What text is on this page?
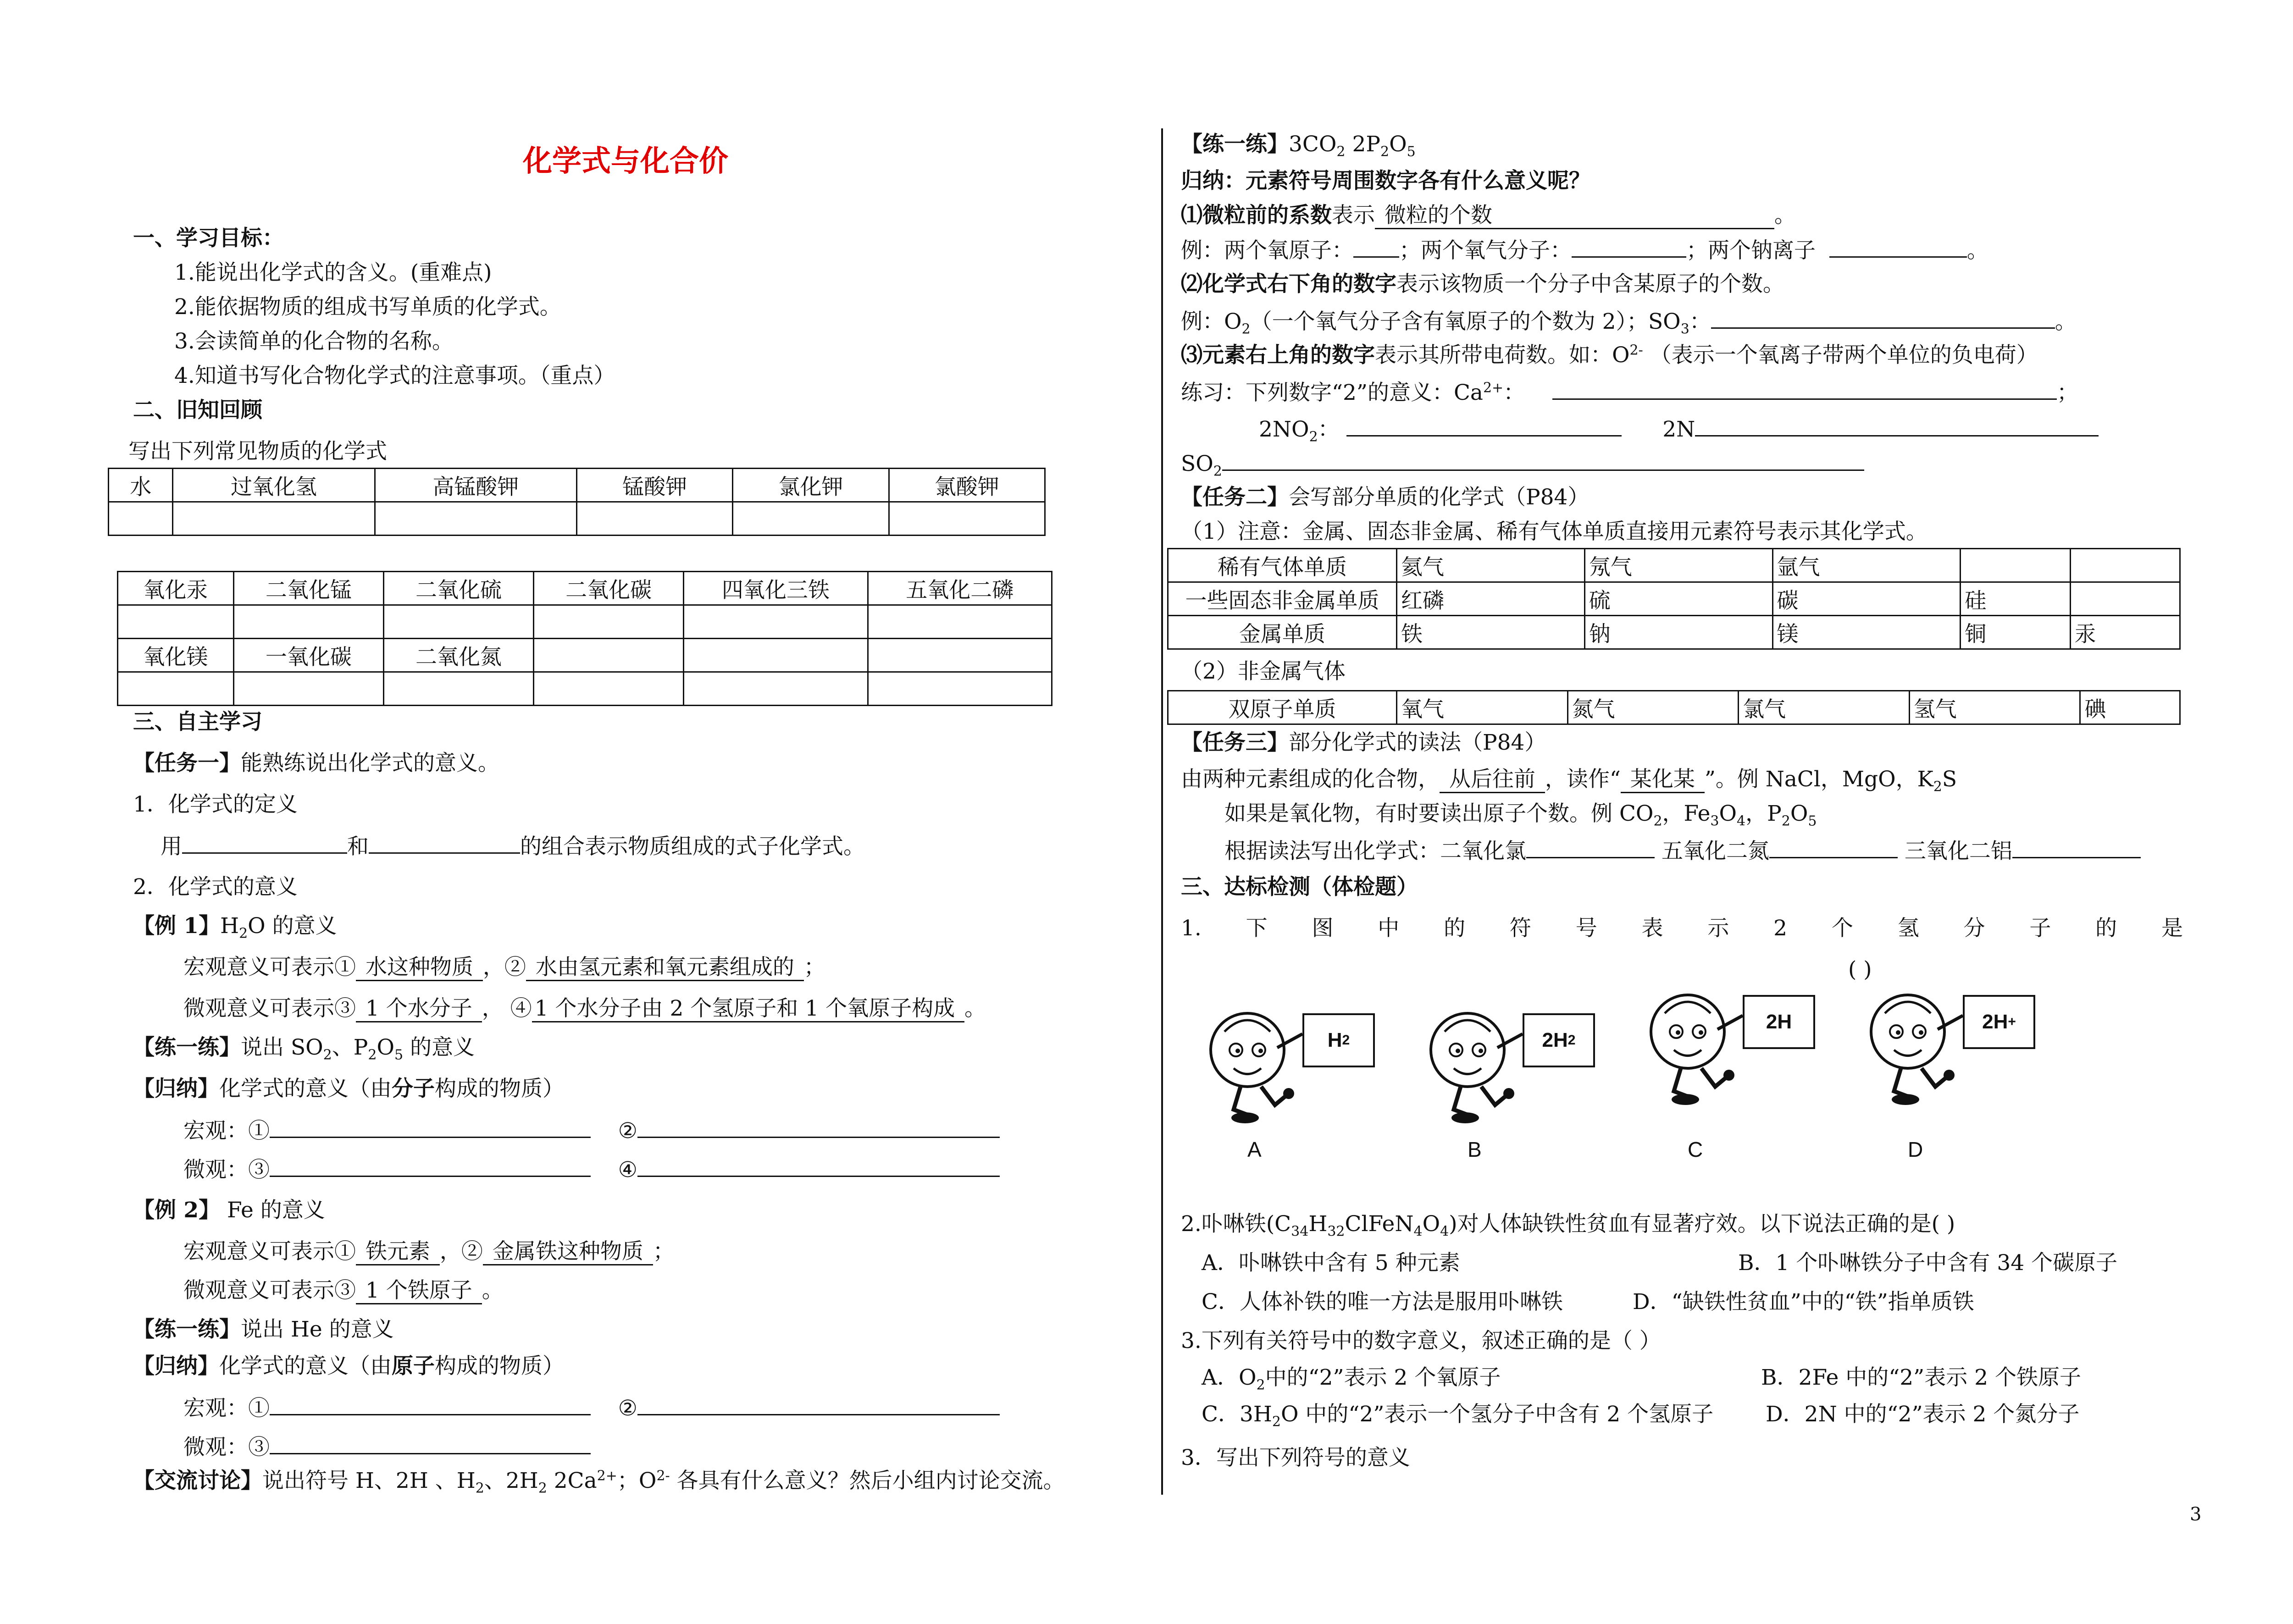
化学式与化合价
一、学习目标：
1.能说出化学式的含义。(重难点)
2.能依据物质的组成书写单质的化学式。
3.会读简单的化合物的名称。
4.知道书写化合物化学式的注意事项。（重点）
二、旧知回顾
写出下列常见物质的化学式
水	过氧化氢	高锰酸钾	锰酸钾	氯化钾	氯酸钾

氧化汞	二氧化锰	二氧化硫	二氧化碳	四氧化三铁	五氧化二磷

氧化镁	一氧化碳	二氧化氮			

三、自主学习
【任务一】能熟练说出化学式的意义。
1．化学式的定义
用	和	的组合表示物质组成的式子化学式。
2．化学式的意义
【例 1】$H_2O$ 的意义
宏观意义可表示① 水这种物质 ，② 水由氢元素和氧元素组成的 ；
微观意义可表示③ 1 个水分子 ， ④ 1 个水分子由 2 个氢原子和 1 个氧原子构成 。
【练一练】说出 $SO_2$、$P_2O_5$ 的意义
【归纳】化学式的意义（由分子构成的物质）
宏观：①	②
微观：③	④
【例 2】 Fe 的意义
宏观意义可表示① 铁元素 ，② 金属铁这种物质 ；
微观意义可表示③ 1 个铁原子 。
【练一练】说出 He 的意义
【归纳】化学式的意义（由原子构成的物质）
宏观：①	②
微观：③
【交流讨论】说出符号 H、2H 、$H_2$、$2H_2$ $2Ca^{2+}$；$O^{2-}$ 各具有什么意义？然后小组内讨论交流。
【练一练】$3CO_2$ $2P_2O_5$
归纳：元素符号周围数字各有什么意义呢？
⑴微粒前的系数表示 微粒的个数	。
例：两个氧原子： ；两个氧气分子：	；两个钠离子	。
⑵化学式右下角的数字表示该物质一个分子中含某原子的个数。
例：$O_2$（一个氧气分子含有氧原子的个数为 2）；$SO_3$：	。
⑶元素右上角的数字表示其所带电荷数。如：$O^{2-}$ （表示一个氧离子带两个单位的负电荷）
练习：下列数字“2”的意义：$Ca^{2+}$：	；
$2NO_2$：	2N
$SO_2$
【任务二】会写部分单质的化学式（P84）
（1）注意：金属、固态非金属、稀有气体单质直接用元素符号表示其化学式。
稀有气体单质	氦气	氖气	氩气		
一些固态非金属单质	红磷	硫	碳	硅	
金属单质	铁	钠	镁	铜	汞
（2）非金属气体
双原子单质	氧气	氮气	氯气	氢气	碘
【任务三】部分化学式的读法（P84）
由两种元素组成的化合物， 从后往前 ，读作“ 某化某 ”。例 NaCl，MgO，$K_2S$
如果是氧化物，有时要读出原子个数。例 $CO_2$，$Fe_3O_4$，$P_2O_5$
根据读法写出化学式：二氧化氯	五氧化二氮	三氧化二铝
三、达标检测（体检题）
1. 下 图 中 的 符 号 表 示 2 个 氢 分 子 的 是
( )
H 2
A
2H 2
B
2H
C
2H +
D
2.卟啉铁$(C_{34}H_{32}ClFeN_4O_4)$对人体缺铁性贫血有显著疗效。以下说法正确的是( )
A．卟啉铁中含有 5 种元素	B．1 个卟啉铁分子中含有 34 个碳原子
C．人体补铁的唯一方法是服用卟啉铁	D．“缺铁性贫血”中的“铁”指单质铁
3.下列有关符号中的数字意义，叙述正确的是（ ）
A．$O_2$中的“2”表示 2 个氧原子	B．2Fe 中的“2”表示 2 个铁原子
C．$3H_2O$ 中的“2”表示一个氢分子中含有 2 个氢原子 D．2N 中的“2”表示 2 个氮分子
3．写出下列符号的意义
3
